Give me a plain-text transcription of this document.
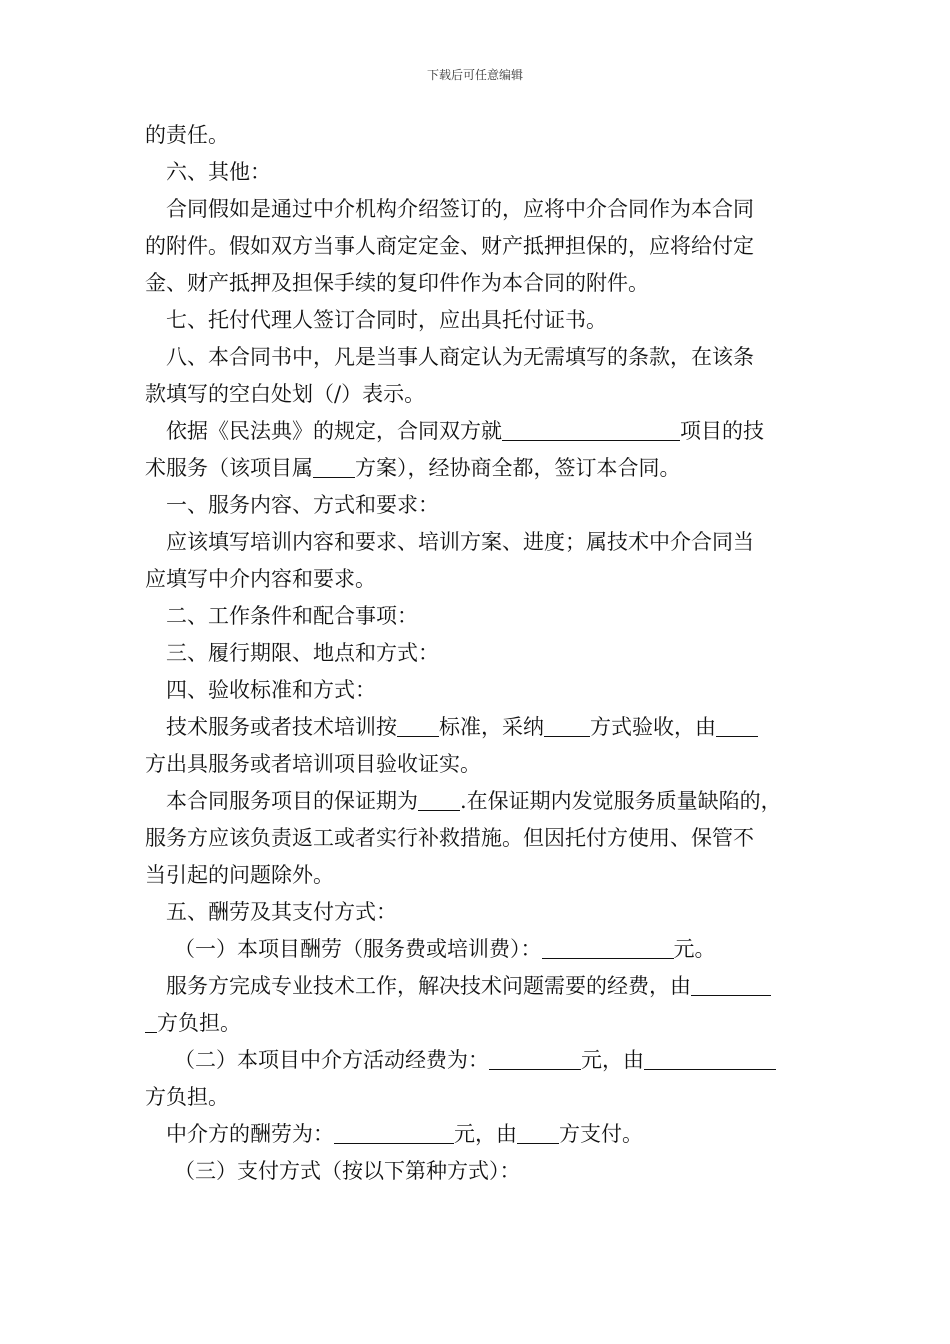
下载后可任意编辑
的责任。
六、其他：
合同假如是通过中介机构介绍签订的，应将中介合同作为本合同
的附件。假如双方当事人商定定金、财产抵押担保的，应将给付定
金、财产抵押及担保手续的复印件作为本合同的附件。
七、托付代理人签订合同时，应出具托付证书。
八、本合同书中，凡是当事人商定认为无需填写的条款，在该条
款填写的空白处划（/）表示。
依据《民法典》的规定，合同双方就	项目的技
术服务（该项目属 方案），经协商全都，签订本合同。
一、服务内容、方式和要求：
应该填写培训内容和要求、培训方案、进度；属技术中介合同当
应填写中介内容和要求。
二、工作条件和配合事项：
三、履行期限、地点和方式：
四、验收标准和方式：
技术服务或者技术培训按 标准，采纳 方式验收，由
方出具服务或者培训项目验收证实。
本合同服务项目的保证期为 .在保证期内发觉服务质量缺陷的，
服务方应该负责返工或者实行补救措施。但因托付方使用、保管不
当引起的问题除外。
五、酬劳及其支付方式：
（一）本项目酬劳（服务费或培训费）：	元。
服务方完成专业技术工作，解决技术问题需要的经费，由
方负担。
（二）本项目中介方活动经费为：	元，由
方负担。
中介方的酬劳为：	元，由 方支付。
（三）支付方式（按以下第种方式）：
